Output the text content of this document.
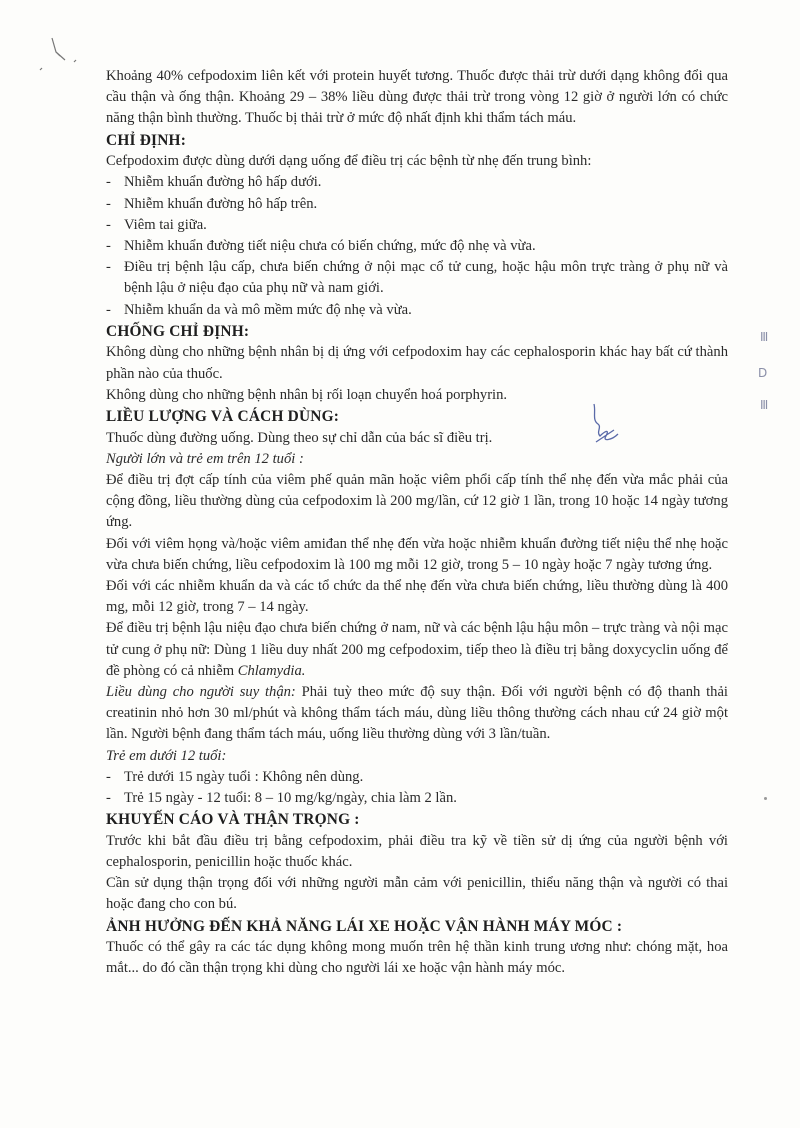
Khoảng 40% cefpodoxim liên kết với protein huyết tương. Thuốc được thải trừ dưới dạng không đổi qua cầu thận và ống thận. Khoảng 29 – 38% liều dùng được thải trừ trong vòng 12 giờ ở người lớn có chức năng thận bình thường. Thuốc bị thải trừ ở mức độ nhất định khi thẩm tách máu.

CHỈ ĐỊNH:

Cefpodoxim được dùng dưới dạng uống để điều trị các bệnh từ nhẹ đến trung bình:

- Nhiễm khuẩn đường hô hấp dưới.
- Nhiễm khuẩn đường hô hấp trên.
- Viêm tai giữa.
- Nhiễm khuẩn đường tiết niệu chưa có biến chứng, mức độ nhẹ và vừa.
- Điều trị bệnh lậu cấp, chưa biến chứng ở nội mạc cổ tử cung, hoặc hậu môn trực tràng ở phụ nữ và bệnh lậu ở niệu đạo của phụ nữ và nam giới.
- Nhiễm khuẩn da và mô mềm mức độ nhẹ và vừa.
CHỐNG CHỈ ĐỊNH:

Không dùng cho những bệnh nhân bị dị ứng với cefpodoxim hay các cephalosporin khác hay bất cứ thành phần nào của thuốc.

Không dùng cho những bệnh nhân bị rối loạn chuyển hoá porphyrin.

LIỀU LƯỢNG VÀ CÁCH DÙNG:

Thuốc dùng đường uống. Dùng theo sự chỉ dẫn của bác sĩ điều trị.

Người lớn và trẻ em trên 12 tuổi :

Để điều trị đợt cấp tính của viêm phế quản mãn hoặc viêm phổi cấp tính thể nhẹ đến vừa mắc phải của cộng đồng, liều thường dùng của cefpodoxim là 200 mg/lần, cứ 12 giờ 1 lần, trong 10 hoặc 14 ngày tương ứng.

Đối với viêm họng và/hoặc viêm amiđan thể nhẹ đến vừa hoặc nhiễm khuẩn đường tiết niệu thể nhẹ hoặc vừa chưa biến chứng, liều cefpodoxim là 100 mg mỗi 12 giờ, trong 5 – 10 ngày hoặc 7 ngày tương ứng.

Đối với các nhiễm khuẩn da và các tổ chức da thể nhẹ đến vừa chưa biến chứng, liều thường dùng là 400 mg, mỗi 12 giờ, trong 7 – 14 ngày.

Để điều trị bệnh lậu niệu đạo chưa biến chứng ở nam, nữ và các bệnh lậu hậu môn – trực tràng và nội mạc tử cung ở phụ nữ: Dùng 1 liều duy nhất 200 mg cefpodoxim, tiếp theo là điều trị bằng doxycyclin uống để đề phòng có cả nhiễm Chlamydia.

Liều dùng cho người suy thận: Phải tuỳ theo mức độ suy thận. Đối với người bệnh có độ thanh thải creatinin nhỏ hơn 30 ml/phút và không thẩm tách máu, dùng liều thông thường cách nhau cứ 24 giờ một lần. Người bệnh đang thẩm tách máu, uống liều thường dùng với 3 lần/tuần.

Trẻ em dưới 12 tuổi:

- Trẻ dưới 15 ngày tuổi : Không nên dùng.
- Trẻ 15 ngày - 12 tuổi: 8 – 10 mg/kg/ngày, chia làm 2 lần.
KHUYẾN CÁO VÀ THẬN TRỌNG :

Trước khi bắt đầu điều trị bằng cefpodoxim, phải điều tra kỹ về tiền sử dị ứng của người bệnh với cephalosporin, penicillin hoặc thuốc khác.

Cần sử dụng thận trọng đối với những người mẫn cảm với penicillin, thiểu năng thận và người có thai hoặc đang cho con bú.

ẢNH HƯỞNG ĐẾN KHẢ NĂNG LÁI XE HOẶC VẬN HÀNH MÁY MÓC :

Thuốc có thể gây ra các tác dụng không mong muốn trên hệ thần kinh trung ương như: chóng mặt, hoa mắt... do đó cần thận trọng khi dùng cho người lái xe hoặc vận hành máy móc.

Ⅲ
D
Ⅲ
